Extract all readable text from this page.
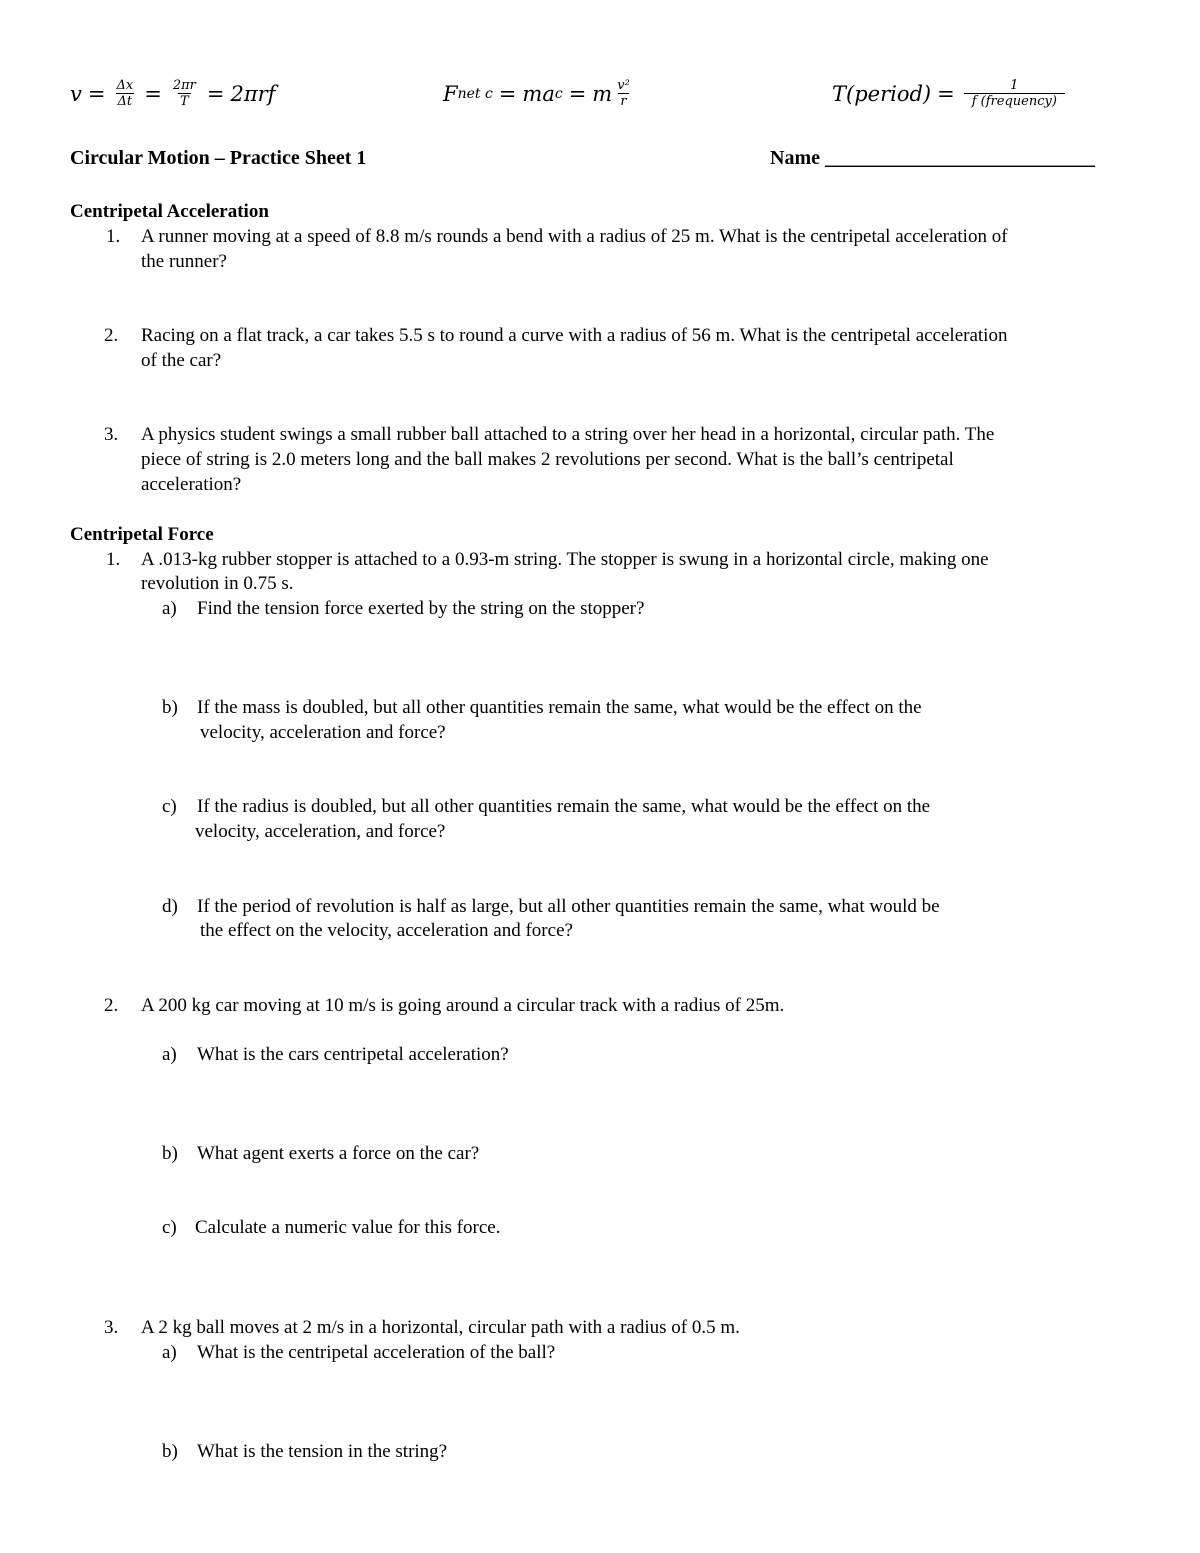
$v = \frac{\Delta x}{\Delta t} = \frac{2\pi r}{T} = 2\pi rf$	F net c = ma c = m $\frac{\text{v²}}{r}$	T(period) = $\frac{1}{\text{f (frequency)}}$
Circular Motion – Practice Sheet 1	Name ___________________________
Centripetal Acceleration
1. A runner moving at a speed of 8.8 m/s rounds a bend with a radius of 25 m. What is the centripetal acceleration of
the runner?
2. Racing on a flat track, a car takes 5.5 s to round a curve with a radius of 56 m. What is the centripetal acceleration
of the car?
3. A physics student swings a small rubber ball attached to a string over her head in a horizontal, circular path. The
piece of string is 2.0 meters long and the ball makes 2 revolutions per second. What is the ball’s centripetal
acceleration?
Centripetal Force
1. A .013-kg rubber stopper is attached to a 0.93-m string. The stopper is swung in a horizontal circle, making one
revolution in 0.75 s.
a) Find the tension force exerted by the string on the stopper?
b) If the mass is doubled, but all other quantities remain the same, what would be the effect on the
velocity, acceleration and force?
c) If the radius is doubled, but all other quantities remain the same, what would be the effect on the
velocity, acceleration, and force?
d) If the period of revolution is half as large, but all other quantities remain the same, what would be
the effect on the velocity, acceleration and force?
2. A 200 kg car moving at 10 m/s is going around a circular track with a radius of 25m.
a) What is the cars centripetal acceleration?
b) What agent exerts a force on the car?
c) Calculate a numeric value for this force.
3. A 2 kg ball moves at 2 m/s in a horizontal, circular path with a radius of 0.5 m.
a) What is the centripetal acceleration of the ball?
b) What is the tension in the string?
